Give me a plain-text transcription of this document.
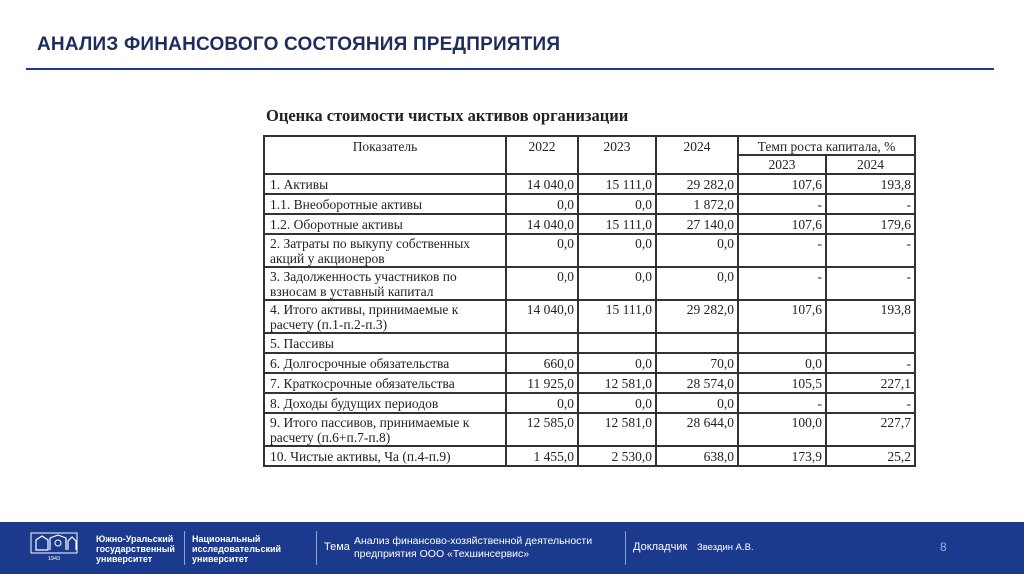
АНАЛИЗ ФИНАНСОВОГО СОСТОЯНИЯ ПРЕДПРИЯТИЯ
Оценка стоимости чистых активов организации
Показатель	2022	2023	2024	Темп роста капитала, %	
				2023	2024
1. Активы	14 040,0	15 111,0	29 282,0	107,6	193,8
1.1. Внеоборотные активы	0,0	0,0	1 872,0	-	-
1.2. Оборотные активы	14 040,0	15 111,0	27 140,0	107,6	179,6
2. Затраты по выкупу собственных акций у акционеров	0,0	0,0	0,0	-	-
3. Задолженность участников по взносам в уставный капитал	0,0	0,0	0,0	-	-
4. Итого активы, принимаемые к расчету (п.1-п.2-п.3)	14 040,0	15 111,0	29 282,0	107,6	193,8
5. Пассивы					
6. Долгосрочные обязательства	660,0	0,0	70,0	0,0	-
7. Краткосрочные обязательства	11 925,0	12 581,0	28 574,0	105,5	227,1
8. Доходы будущих периодов	0,0	0,0	0,0	-	-
9. Итого пассивов, принимаемые к расчету (п.6+п.7-п.8)	12 585,0	12 581,0	28 644,0	100,0	227,7
10. Чистые активы, Ча (п.4-п.9)	1 455,0	2 530,0	638,0	173,9	25,2
1943
Южно-Уральский
государственный
университет
Национальный
исследовательский
университет
Тема Анализ финансово-хозяйственной деятельности
предприятия ООО «Техшинсервис»
Докладчик Звездин А.В.	8
